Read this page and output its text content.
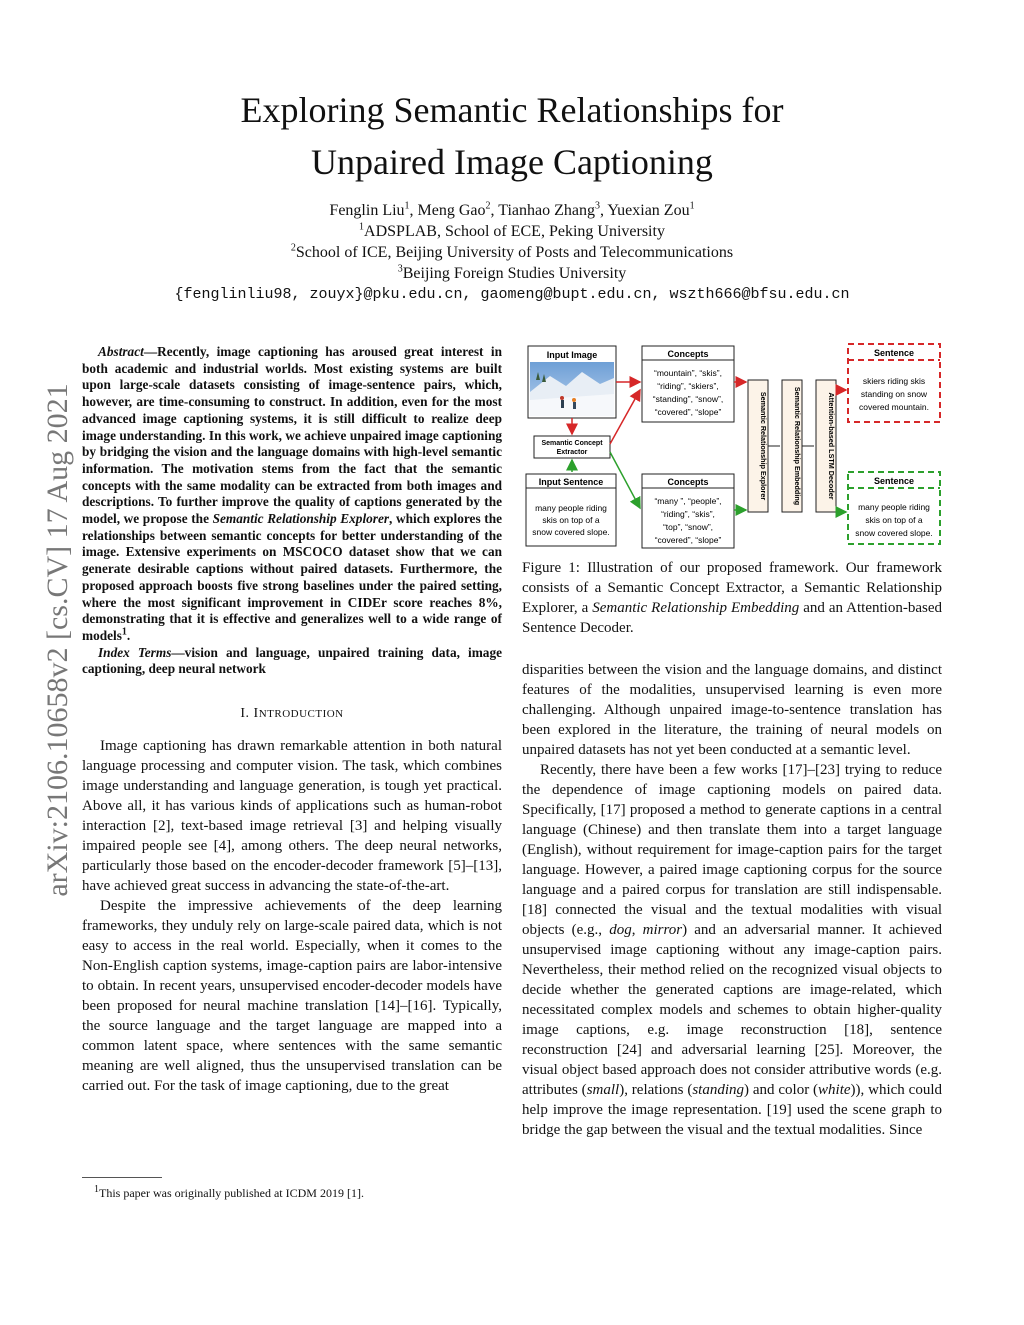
Exploring Semantic Relationships for
Unpaired Image Captioning
Fenglin Liu$^1$, Meng Gao$^2$, Tianhao Zhang$^3$, Yuexian Zou$^1$
$^1$ADSPLAB, School of ECE, Peking University
$^2$School of ICE, Beijing University of Posts and Telecommunications
$^3$Beijing Foreign Studies University
{fenglinliu98, zouyx}@pku.edu.cn, gaomeng@bupt.edu.cn, wszth666@bfsu.edu.cn
arXiv:2106.10658v2 [cs.CV] 17 Aug 2021

Abstract—Recently, image captioning has aroused great interest in both academic and industrial worlds. Most existing systems are built upon large-scale datasets consisting of image-sentence pairs, which, however, are time-consuming to construct. In addition, even for the most advanced image captioning systems, it is still difficult to realize deep image understanding. In this work, we achieve unpaired image captioning by bridging the vision and the language domains with high-level semantic information. The motivation stems from the fact that the semantic concepts with the same modality can be extracted from both images and descriptions. To further improve the quality of captions generated by the model, we propose the Semantic Relationship Explorer, which explores the relationships between semantic concepts for better understanding of the image. Extensive experiments on MSCOCO dataset show that we can generate desirable captions without paired datasets. Furthermore, the proposed approach boosts five strong baselines under the paired setting, where the most significant improvement in CIDEr score reaches 8%, demonstrating that it is effective and generalizes well to a wide range of models$^1$.

Index Terms—vision and language, unpaired training data, image captioning, deep neural network

I. INTRODUCTION

Image captioning has drawn remarkable attention in both natural language processing and computer vision. The task, which combines image understanding and language generation, is tough yet practical. Above all, it has various kinds of applications such as human-robot interaction [2], text-based image retrieval [3] and helping visually impaired people see [4], among others. The deep neural networks, particularly those based on the encoder-decoder framework [5]–[13], have achieved great success in advancing the state-of-the-art.

Despite the impressive achievements of the deep learning frameworks, they unduly rely on large-scale paired data, which is not easy to access in the real world. Especially, when it comes to the Non-English caption systems, image-caption pairs are labor-intensive to obtain. In recent years, unsupervised encoder-decoder models have been proposed for neural machine translation [14]–[16]. Typically, the source language and the target language are mapped into a common latent space, where sentences with the same semantic meaning are well aligned, thus the unsupervised translation can be carried out. For the task of image captioning, due to the great

$^1$This paper was originally published at ICDM 2019 [1].
Input Image
Semantic Concept
Extractor
Input Sentence
many people riding
skis on top of a
snow covered slope.
Concepts
“mountain”, “skis”,
“riding”, “skiers”,
“standing”, “snow”,
“covered”, “slope”
Concepts
“many ”, “people”,
“riding”, “skis”,
“top”, “snow”,
“covered”, “slope”
Semantic Relationship Explorer	Semantic Relationship Embedding	Attention-based LSTM Decoder
Sentence
skiers riding skis
standing on snow
covered mountain.
Sentence
many people riding
skis on top of a
snow covered slope.
Figure 1: Illustration of our proposed framework. Our framework consists of a Semantic Concept Extractor, a Semantic Relationship Explorer, a Semantic Relationship Embedding and an Attention-based Sentence Decoder.

disparities between the vision and the language domains, and distinct features of the modalities, unsupervised learning is even more challenging. Although unpaired image-to-sentence translation has been explored in the literature, the training of neural models on unpaired datasets has not yet been conducted at a semantic level.

Recently, there have been a few works [17]–[23] trying to reduce the dependence of image captioning models on paired data. Specifically, [17] proposed a method to generate captions in a central language (Chinese) and then translate them into a target language (English), without requirement for image-caption pairs for the target language. However, a paired image captioning corpus for the source language and a paired corpus for translation are still indispensable. [18] connected the visual and the textual modalities with visual objects (e.g., dog, mirror) and an adversarial manner. It achieved unsupervised image captioning without any image-caption pairs. Nevertheless, their method relied on the recognized visual objects to decide whether the generated captions are image-related, which necessitated complex models and schemes to obtain higher-quality image captions, e.g. image reconstruction [18], sentence reconstruction [24] and adversarial learning [25]. Moreover, the visual object based approach does not consider attributive words (e.g. attributes (small), relations (standing) and color (white)), which could help improve the image representation. [19] used the scene graph to bridge the gap between the visual and the textual modalities. Since
